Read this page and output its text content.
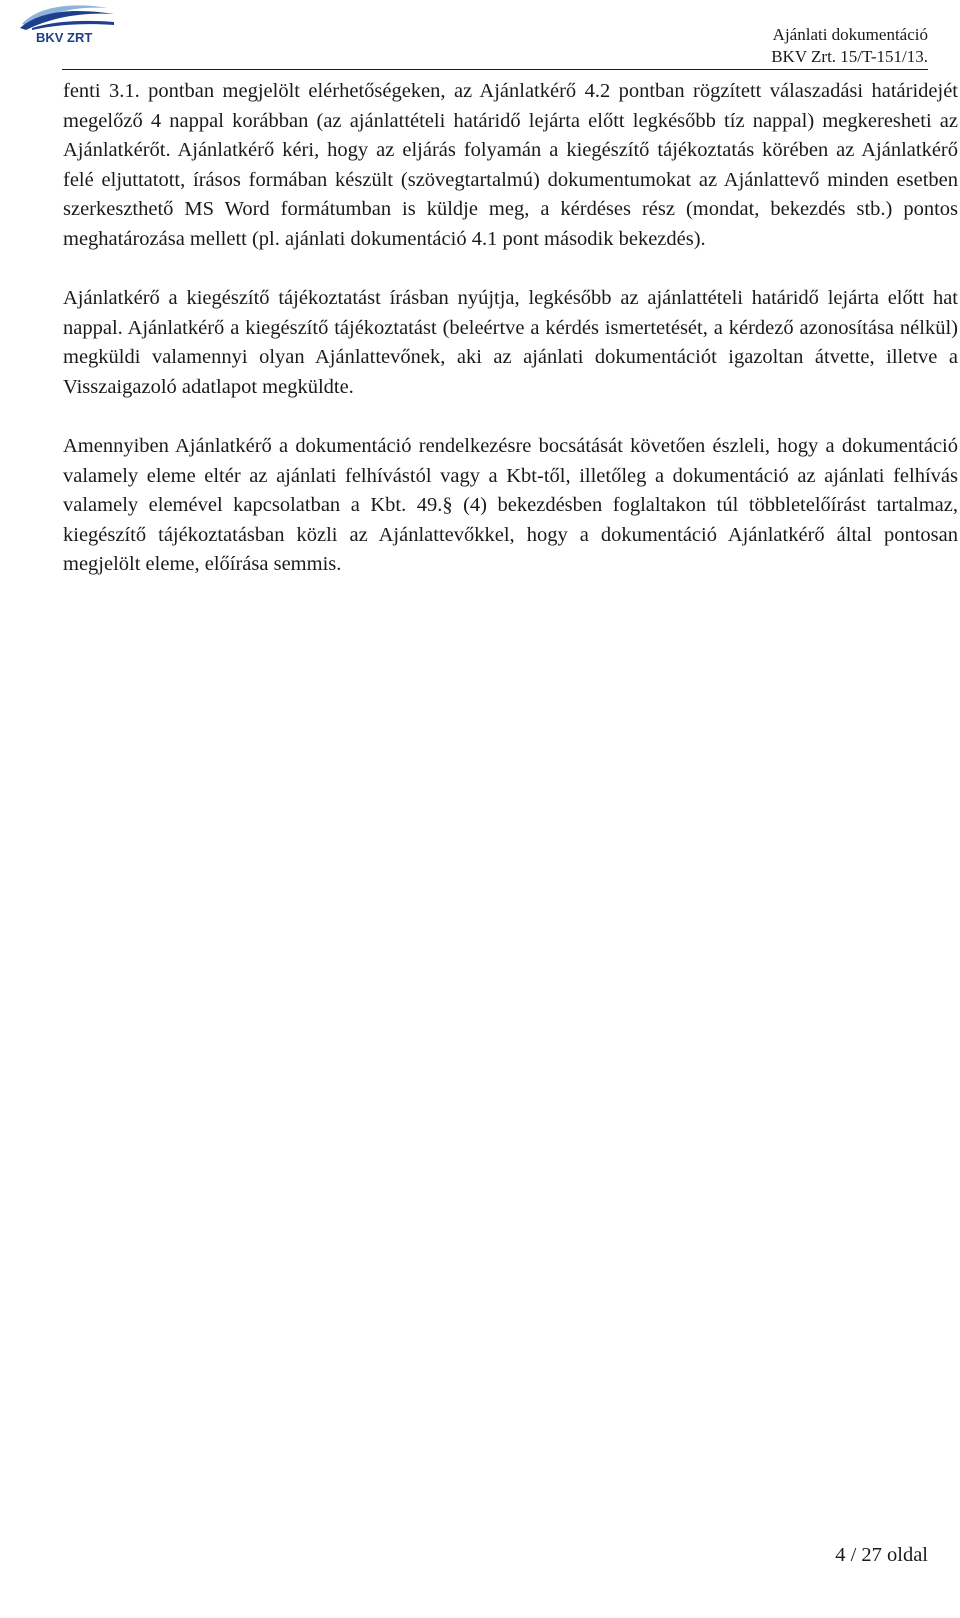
BKV ZRT	Ajánlati dokumentáció
BKV Zrt. 15/T-151/13.

fenti 3.1. pontban megjelölt elérhetőségeken, az Ajánlatkérő 4.2 pontban rögzített válaszadási határidejét megelőző 4 nappal korábban (az ajánlattételi határidő lejárta előtt legkésőbb tíz nappal) megkeresheti az Ajánlatkérőt. Ajánlatkérő kéri, hogy az eljárás folyamán a kiegészítő tájékoztatás körében az Ajánlatkérő felé eljuttatott, írásos formában készült (szövegtartalmú) dokumentumokat az Ajánlattevő minden esetben szerkeszthető MS Word formátumban is küldje meg, a kérdéses rész (mondat, bekezdés stb.) pontos meghatározása mellett (pl. ajánlati dokumentáció 4.1 pont második bekezdés).

Ajánlatkérő a kiegészítő tájékoztatást írásban nyújtja, legkésőbb az ajánlattételi határidő lejárta előtt hat nappal. Ajánlatkérő a kiegészítő tájékoztatást (beleértve a kérdés ismertetését, a kérdező azonosítása nélkül) megküldi valamennyi olyan Ajánlattevőnek, aki az ajánlati dokumentációt igazoltan átvette, illetve a Visszaigazoló adatlapot megküldte.

Amennyiben Ajánlatkérő a dokumentáció rendelkezésre bocsátását követően észleli, hogy a dokumentáció valamely eleme eltér az ajánlati felhívástól vagy a Kbt-től, illetőleg a dokumentáció az ajánlati felhívás valamely elemével kapcsolatban a Kbt. 49.§ (4) bekezdésben foglaltakon túl többletelőírást tartalmaz, kiegészítő tájékoztatásban közli az Ajánlattevőkkel, hogy a dokumentáció Ajánlatkérő által pontosan megjelölt eleme, előírása semmis.

4 / 27 oldal
